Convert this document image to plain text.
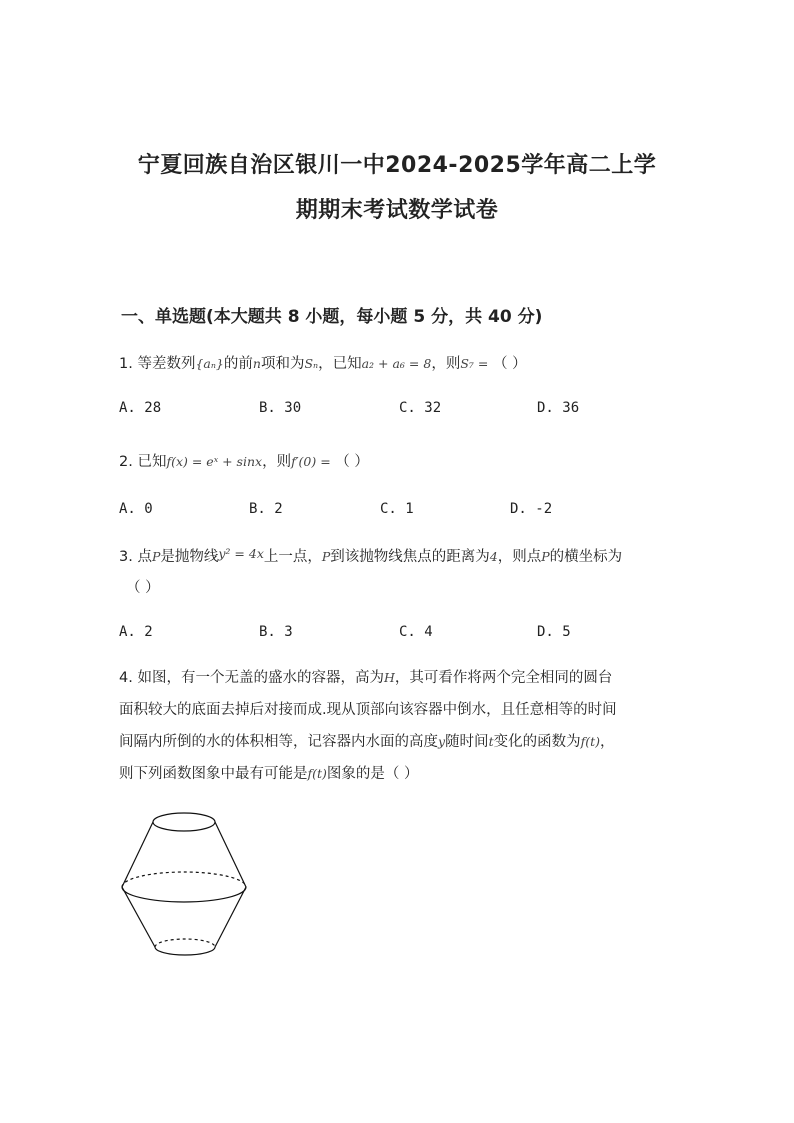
宁夏回族自治区银川一中2024-2025学年高二上学
期期末考试数学试卷
一、单选题(本大题共 8 小题，每小题 5 分，共 40 分)
1. 等差数列{aₙ}的前n项和为Sₙ，已知a₂ + a₆ = 8，则S₇ = （ ）
A. 28	B. 30	C. 32	D. 36
2. 已知f(x) = eˣ + sinx，则f′(0) = （ ）
A. 0	B. 2	C. 1	D. -2
3. 点P是抛物线y² = 4x上一点，P到该抛物线焦点的距离为4，则点P的横坐标为
（ ）
A. 2	B. 3	C. 4	D. 5
4. 如图，有一个无盖的盛水的容器，高为H，其可看作将两个完全相同的圆台
面积较大的底面去掉后对接而成.现从顶部向该容器中倒水，且任意相等的时间
间隔内所倒的水的体积相等，记容器内水面的高度y随时间t变化的函数为f(t)，
则下列函数图象中最有可能是f(t)图象的是（ ）
